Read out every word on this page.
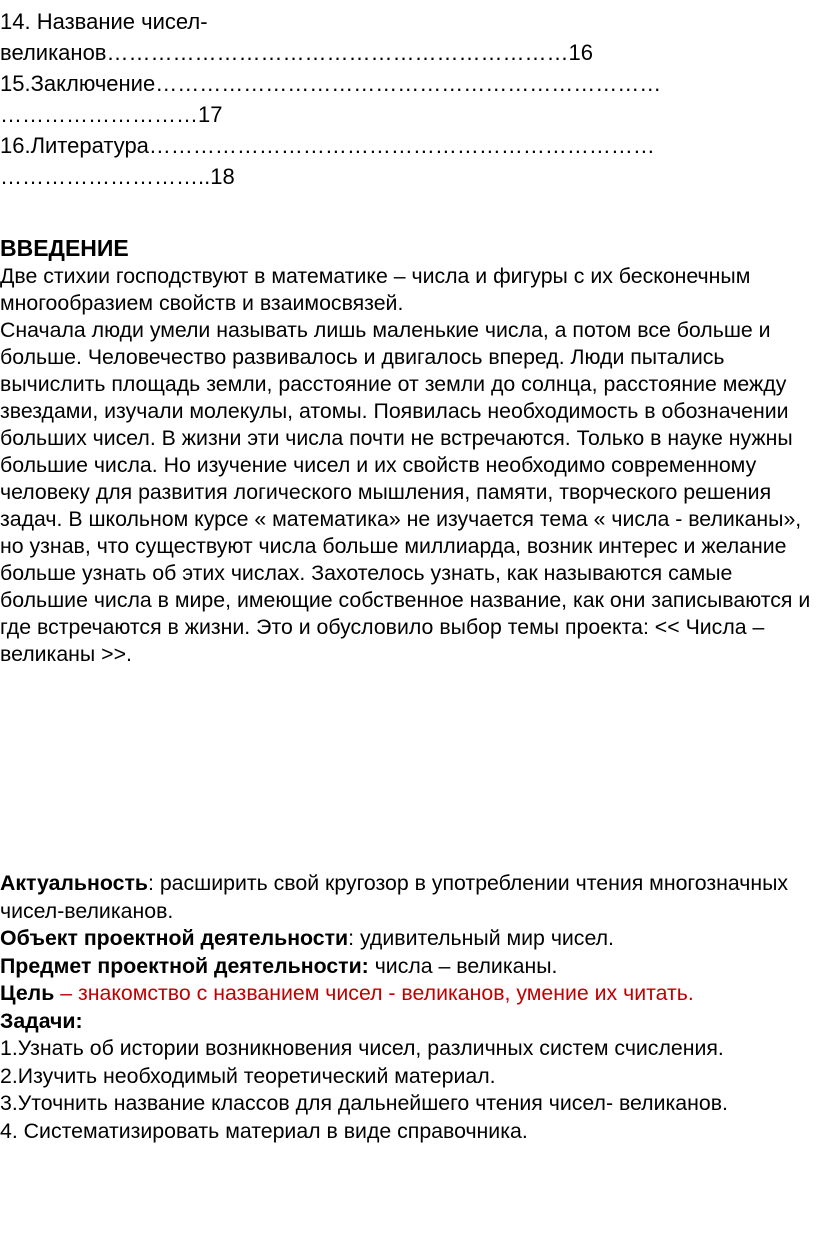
14. Название чисел-
великанов………………………………………………………16
15.Заключение……………………………………………………………
………………………17
16.Литература……………………………………………………………
………………………..18
ВВЕДЕНИЕ

Две стихии господствуют в математике – числа и фигуры с их бесконечным многообразием свойств и взаимосвязей.

Сначала люди умели называть лишь маленькие числа, а потом все больше и больше. Человечество развивалось и двигалось вперед. Люди пытались вычислить площадь земли, расстояние от земли до солнца, расстояние между звездами, изучали молекулы, атомы. Появилась необходимость в обозначении больших чисел. В жизни эти числа почти не встречаются. Только в науке нужны большие числа. Но изучение чисел и их свойств необходимо современному человеку для развития логического мышления, памяти, творческого решения задач. В школьном курсе « математика» не изучается тема « числа - великаны», но узнав, что существуют числа больше миллиарда, возник интерес и желание больше узнать об этих числах. Захотелось узнать, как называются самые большие числа в мире, имеющие собственное название, как они записываются и где встречаются в жизни. Это и обусловило выбор темы проекта: << Числа – великаны >>.

Актуальность: расширить свой кругозор в употреблении чтения многозначных чисел-великанов.

Объект проектной деятельности: удивительный мир чисел.

Предмет проектной деятельности: числа – великаны.

Цель – знакомство с названием чисел - великанов, умение их читать.

Задачи:

1.Узнать об истории возникновения чисел, различных систем счисления.

2.Изучить необходимый теоретический материал.

3.Уточнить название классов для дальнейшего чтения чисел- великанов.

4. Систематизировать материал в виде справочника.
